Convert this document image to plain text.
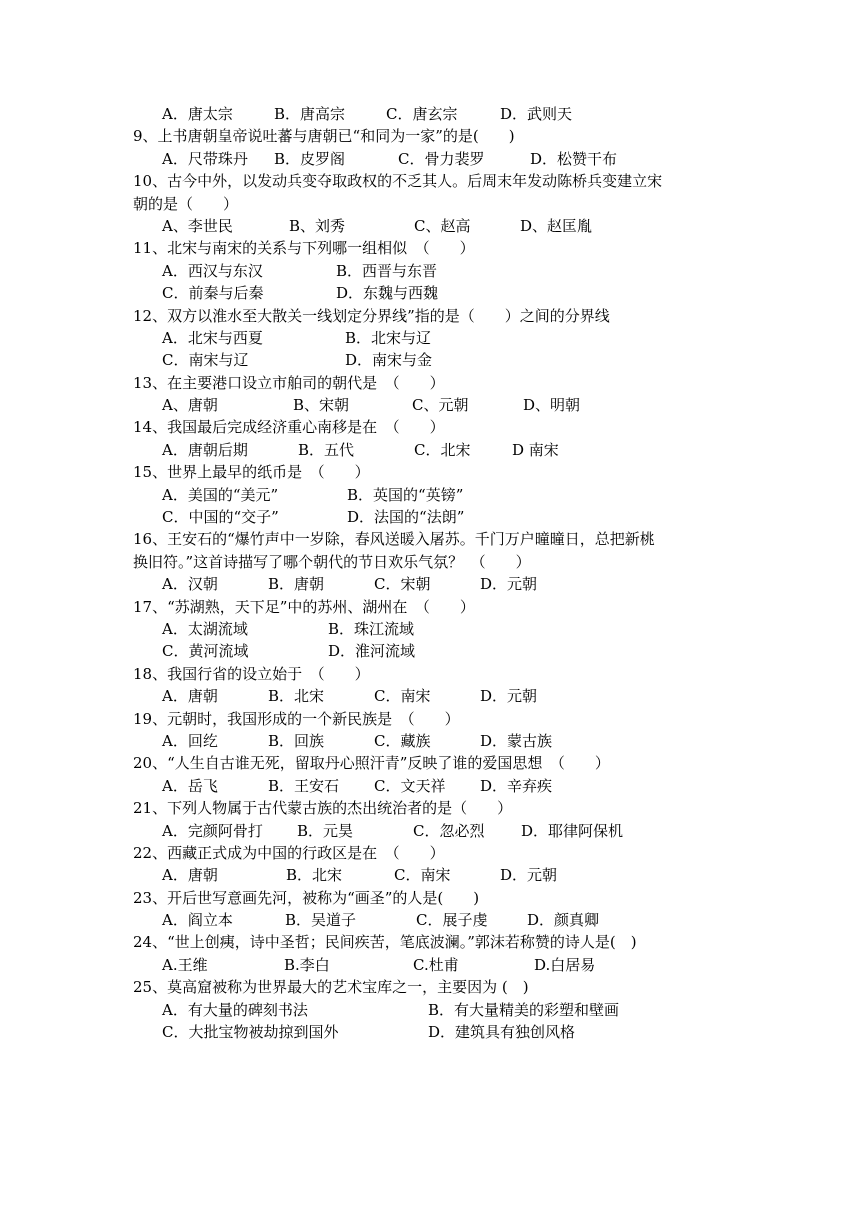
A．唐太宗	B．唐高宗	C．唐玄宗	D．武则天
9、上书唐朝皇帝说吐蕃与唐朝已“和同为一家”的是(　　)
A．尺带珠丹 B．皮罗阁	C．骨力裴罗	D．松赞干布
10、古今中外，以发动兵变夺取政权的不乏其人。后周末年发动陈桥兵变建立宋
朝的是（　　）
A、李世民	B、刘秀	C、赵高	D、赵匡胤
11、北宋与南宋的关系与下列哪一组相似　（　　）
A．西汉与东汉	B．西晋与东晋
C．前秦与后秦	D．东魏与西魏
12、双方以淮水至大散关一线划定分界线”指的是（　　）之间的分界线
A．北宋与西夏	B．北宋与辽
C．南宋与辽	D．南宋与金
13、在主要港口设立市舶司的朝代是　（　　）
A、唐朝	B、宋朝	C、元朝	D、明朝
14、我国最后完成经济重心南移是在　（　　）
A．唐朝后期	B．五代	C．北宋	D 南宋
15、世界上最早的纸币是　（　　）
A．美国的“美元”	B．英国的“英镑”
C．中国的“交子”	D．法国的“法朗”
16、王安石的“爆竹声中一岁除，春风送暖入屠苏。千门万户曈曈日，总把新桃
换旧符。”这首诗描写了哪个朝代的节日欢乐气氛？　（　　）
A．汉朝	B．唐朝	C．宋朝	D．元朝
17、“苏湖熟，天下足”中的苏州、湖州在　（　　）
A．太湖流域	B．珠江流域
C．黄河流域	D．淮河流域
18、我国行省的设立始于　（　　）
A．唐朝	B．北宋	C．南宋	D．元朝
19、元朝时，我国形成的一个新民族是　（　　）
A．回纥	B．回族	C．藏族	D．蒙古族
20、“人生自古谁无死，留取丹心照汗青”反映了谁的爱国思想　（　　）
A．岳飞	B．王安石 C．文天祥 D．辛弃疾
21、下列人物属于古代蒙古族的杰出统治者的是（　　）
A．完颜阿骨打 B．元昊	C．忽必烈 D．耶律阿保机
22、西藏正式成为中国的行政区是在　（　　）
A．唐朝	B．北宋	C．南宋	D．元朝
23、开后世写意画先河，被称为“画圣”的人是(　　)
A．阎立本	B．吴道子	C．展子虔	D．颜真卿
24、“世上创痍，诗中圣哲；民间疾苦，笔底波澜。”郭沫若称赞的诗人是(　)
A.王维	B.李白	C.杜甫	D.白居易
25、莫高窟被称为世界最大的艺术宝库之一，主要因为 (　)
A．有大量的碑刻书法	B．有大量精美的彩塑和壁画
C．大批宝物被劫掠到国外	D．建筑具有独创风格
